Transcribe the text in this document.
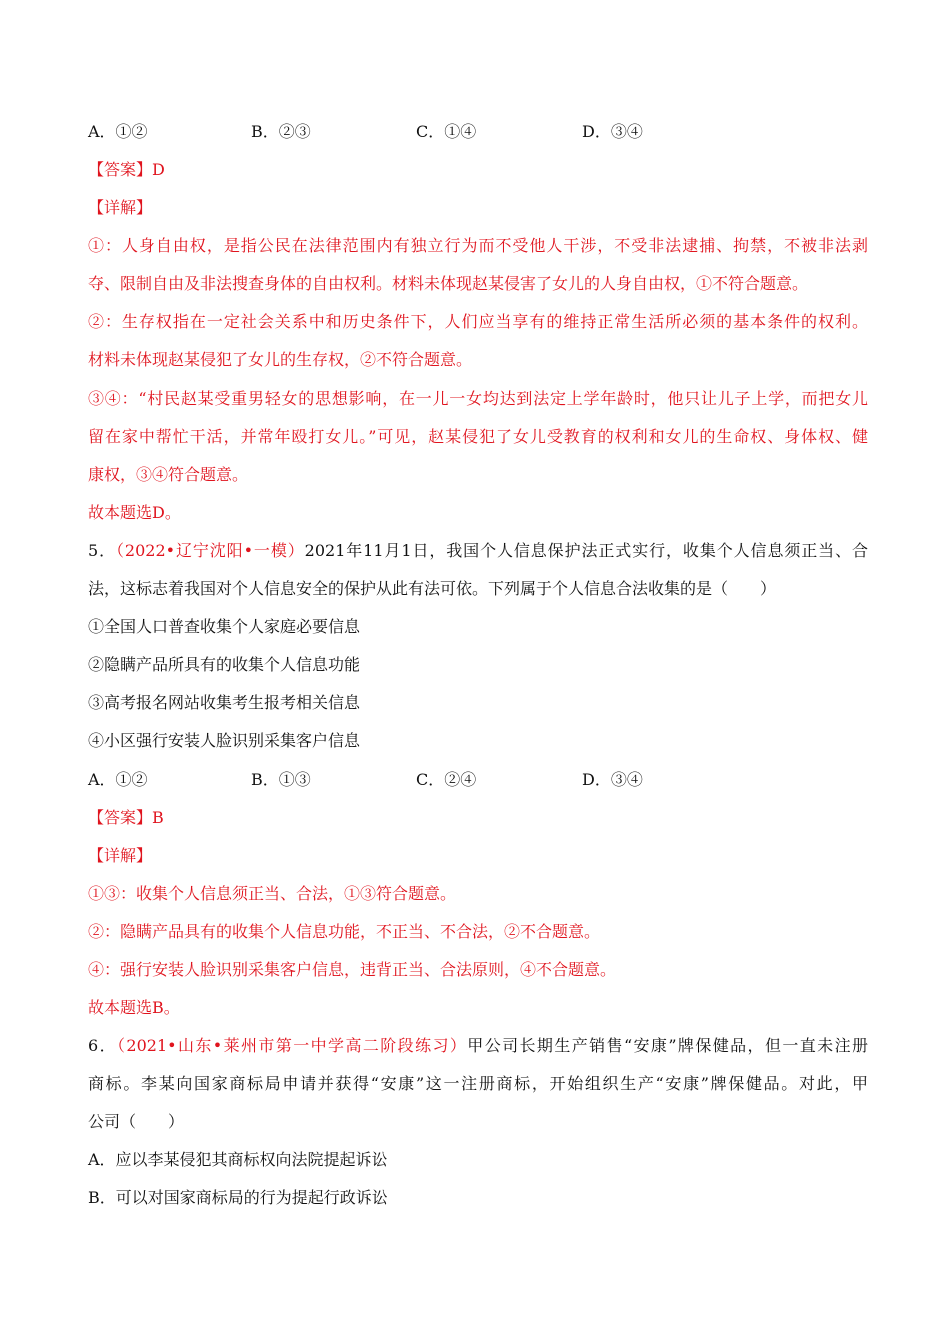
A．①②	B．②③	C．①④	D．③④
【答案】D
【详解】
①：人身自由权，是指公民在法律范围内有独立行为而不受他人干涉，不受非法逮捕、拘禁，不被非法剥
夺、限制自由及非法搜查身体的自由权利。材料未体现赵某侵害了女儿的人身自由权，①不符合题意。
②：生存权指在一定社会关系中和历史条件下，人们应当享有的维持正常生活所必须的基本条件的权利。
材料未体现赵某侵犯了女儿的生存权，②不符合题意。
③④：“村民赵某受重男轻女的思想影响，在一儿一女均达到法定上学年龄时，他只让儿子上学，而把女儿
留在家中帮忙干活，并常年殴打女儿。”可见，赵某侵犯了女儿受教育的权利和女儿的生命权、身体权、健
康权，③④符合题意。
故本题选D。
5．（2022•辽宁沈阳•一模）2021年11月1日，我国个人信息保护法正式实行，收集个人信息须正当、合
法，这标志着我国对个人信息安全的保护从此有法可依。下列属于个人信息合法收集的是（　　）
①全国人口普查收集个人家庭必要信息
②隐瞒产品所具有的收集个人信息功能
③高考报名网站收集考生报考相关信息
④小区强行安装人脸识别采集客户信息
A．①②	B．①③	C．②④	D．③④
【答案】B
【详解】
①③：收集个人信息须正当、合法，①③符合题意。
②：隐瞒产品具有的收集个人信息功能，不正当、不合法，②不合题意。
④：强行安装人脸识别采集客户信息，违背正当、合法原则，④不合题意。
故本题选B。
6．（2021•山东•莱州市第一中学高二阶段练习）甲公司长期生产销售“安康”牌保健品，但一直未注册
商标。李某向国家商标局申请并获得“安康”这一注册商标，开始组织生产“安康”牌保健品。对此，甲
公司（　　）
A．应以李某侵犯其商标权向法院提起诉讼
B．可以对国家商标局的行为提起行政诉讼
